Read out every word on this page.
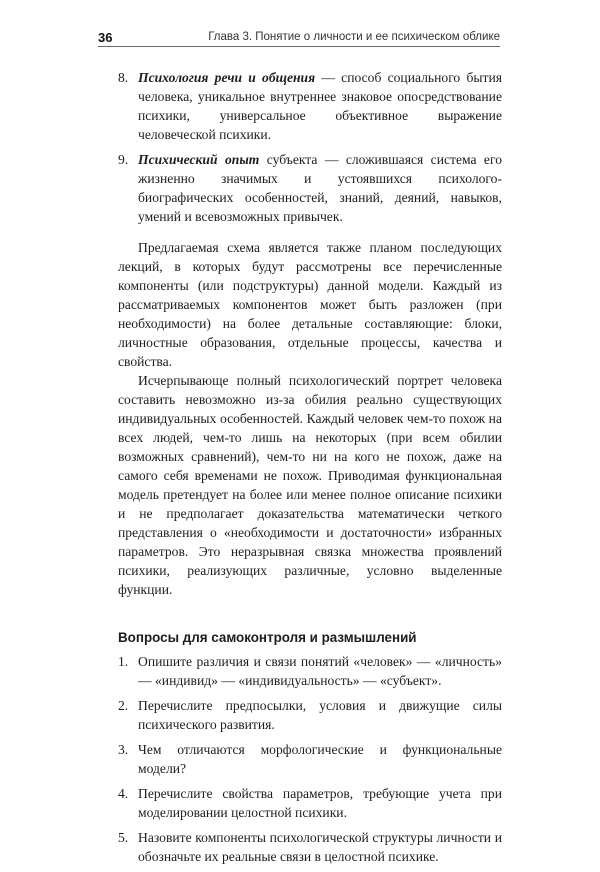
36	Глава 3. Понятие о личности и ее психическом облике
8. Психология речи и общения — способ социального бытия человека, уникальное внутреннее знаковое опосредствование психики, универсальное объективное выражение человеческой психики.
9. Психический опыт субъекта — сложившаяся система его жизненно значимых и устоявшихся психолого-биографических особенностей, знаний, деяний, навыков, умений и всевозможных привычек.

Предлагаемая схема является также планом последующих лекций, в которых будут рассмотрены все перечисленные компоненты (или подструктуры) данной модели. Каждый из рассматриваемых компонентов может быть разложен (при необходимости) на более детальные составляющие: блоки, личностные образования, отдельные процессы, качества и свойства.

Исчерпывающе полный психологический портрет человека составить невозможно из-за обилия реально существующих индивидуальных особенностей. Каждый человек чем-то похож на всех людей, чем-то лишь на некоторых (при всем обилии возможных сравнений), чем-то ни на кого не похож, даже на самого себя временами не похож. Приводимая функциональная модель претендует на более или менее полное описание психики и не предполагает доказательства математически четкого представления о «необходимости и достаточности» избранных параметров. Это неразрывная связка множества проявлений психики, реализующих различные, условно выделенные функции.

Вопросы для самоконтроля и размышлений
1. Опишите различия и связи понятий «человек» — «личность» — «индивид» — «индивидуальность» — «субъект».
2. Перечислите предпосылки, условия и движущие силы психического развития.
3. Чем отличаются морфологические и функциональные модели?
4. Перечислите свойства параметров, требующие учета при моделировании целостной психики.
5. Назовите компоненты психологической структуры личности и обозначьте их реальные связи в целостной психике.
